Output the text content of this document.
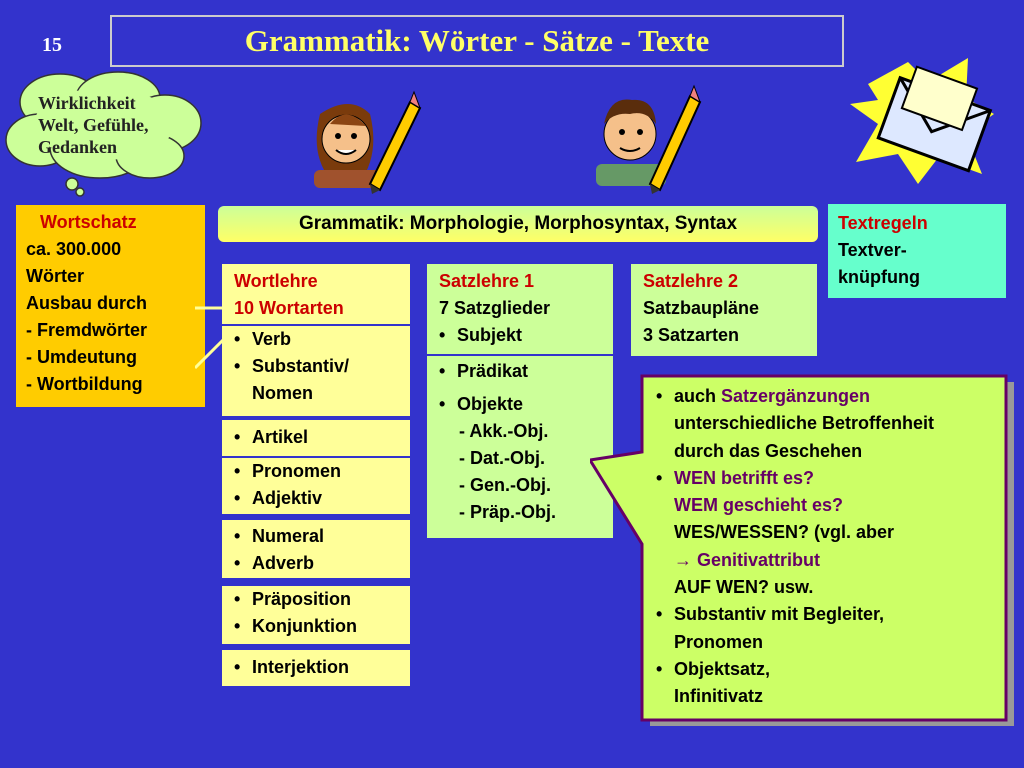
15	Grammatik: Wörter - Sätze - Texte
Wirklichkeit
Welt, Gefühle,
Gedanken
Wortschatz
ca. 300.000
Wörter
Ausbau durch
- Fremdwörter
- Umdeutung
- Wortbildung
Grammatik: Morphologie, Morphosyntax, Syntax	Textregeln
Textver-
knüpfung
Wortlehre
10 Wortarten
• Verb
• Substantiv/ Nomen
• Artikel
• Pronomen
• Adjektiv
• Numeral
• Adverb
• Präposition
• Konjunktion
• Interjektion
Satzlehre 1
7 Satzglieder
• Subjekt
• Prädikat
• Objekte
- Akk.-Obj.
- Dat.-Obj.
- Gen.-Obj.
- Präp.-Obj.
Satzlehre 2
Satzbaupläne
3 Satzarten
• auch Satzergänzungen
unterschiedliche Betroffenheit
durch das Geschehen
• WEN betrifft es?
WEM geschieht es?
WES/WESSEN? (vgl. aber
→ Genitivattribut
AUF WEN? usw.
• Substantiv mit Begleiter,
Pronomen
• Objektsatz,
Infinitivatz
